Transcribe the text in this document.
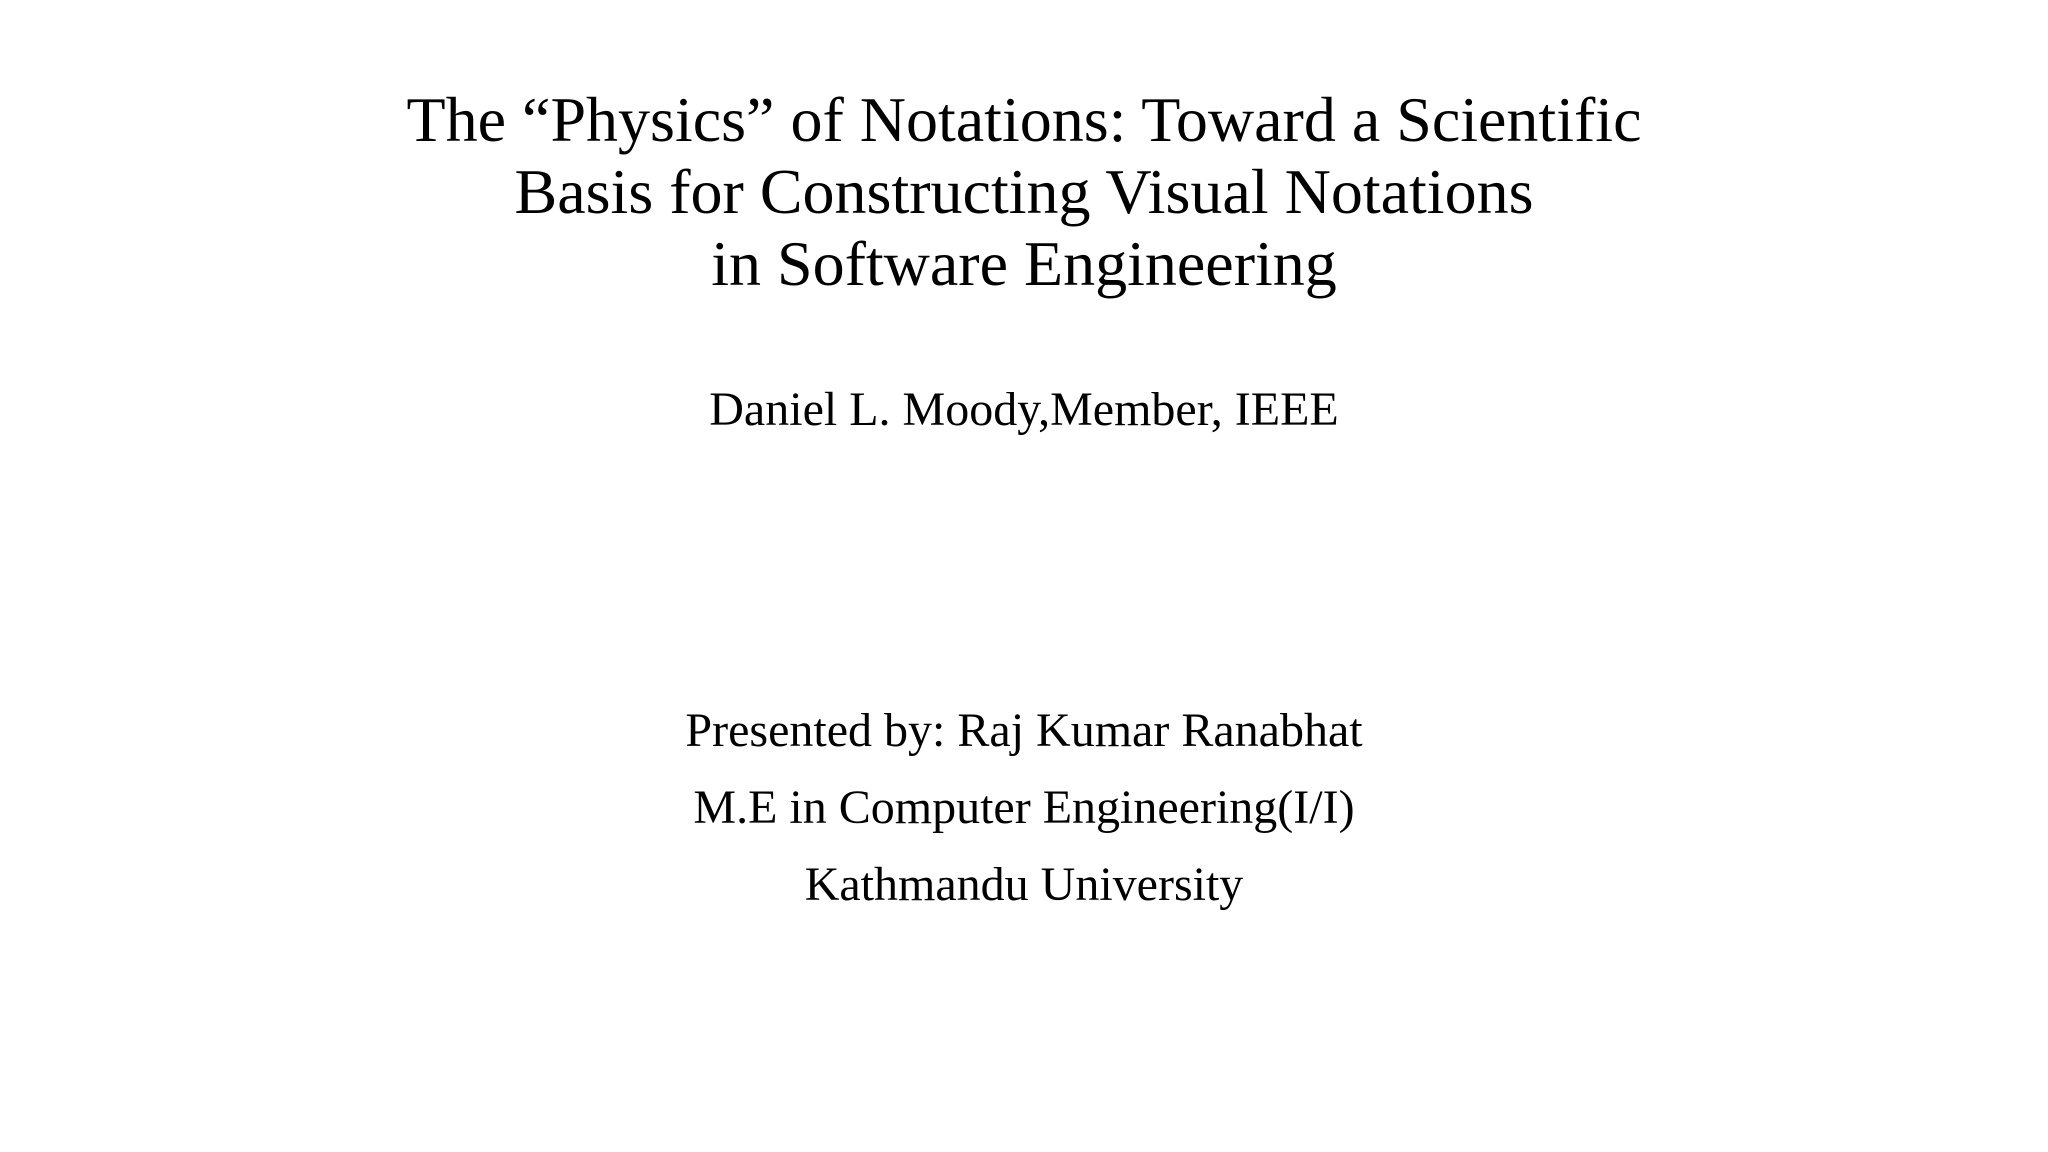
The “Physics” of Notations: Toward a Scientific
Basis for Constructing Visual Notations
in Software Engineering
Daniel L. Moody,Member, IEEE
Presented by: Raj Kumar Ranabhat
M.E in Computer Engineering(I/I)
Kathmandu University
